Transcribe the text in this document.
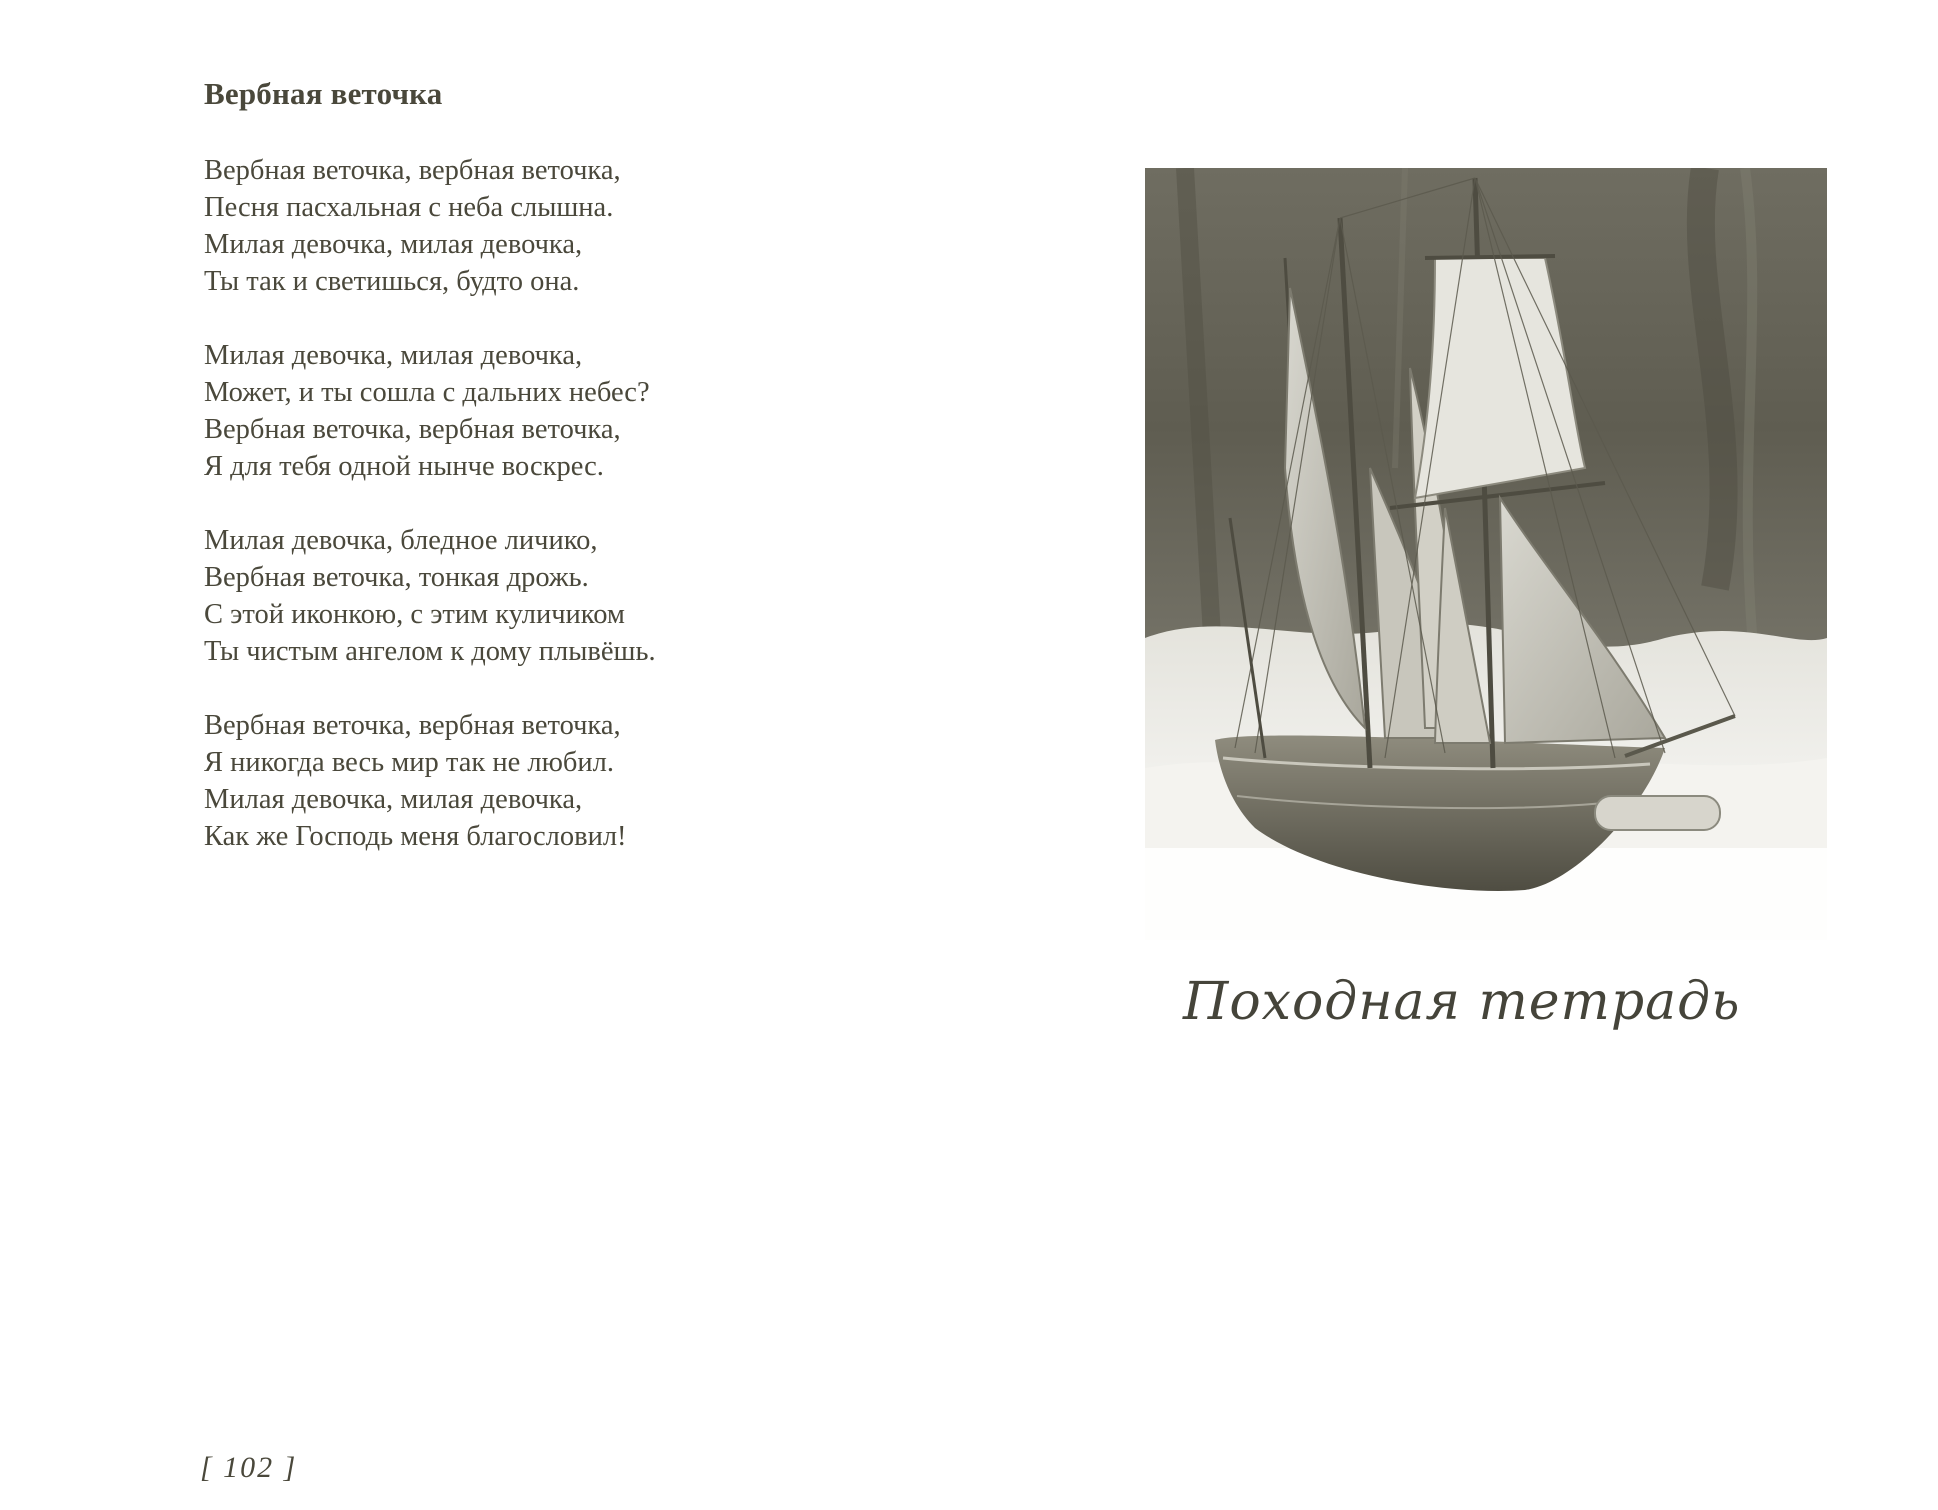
Вербная веточка
Вербная веточка, вербная веточка,
Песня пасхальная с неба слышна.
Милая девочка, милая девочка,
Ты так и светишься, будто она.
Милая девочка, милая девочка,
Может, и ты сошла с дальних небес?
Вербная веточка, вербная веточка,
Я для тебя одной нынче воскрес.
Милая девочка, бледное личико,
Вербная веточка, тонкая дрожь.
С этой иконкою, с этим куличиком
Ты чистым ангелом к дому плывёшь.
Вербная веточка, вербная веточка,
Я никогда весь мир так не любил.
Милая девочка, милая девочка,
Как же Господь меня благословил!
[ 102 ]
Походная тетрадь
